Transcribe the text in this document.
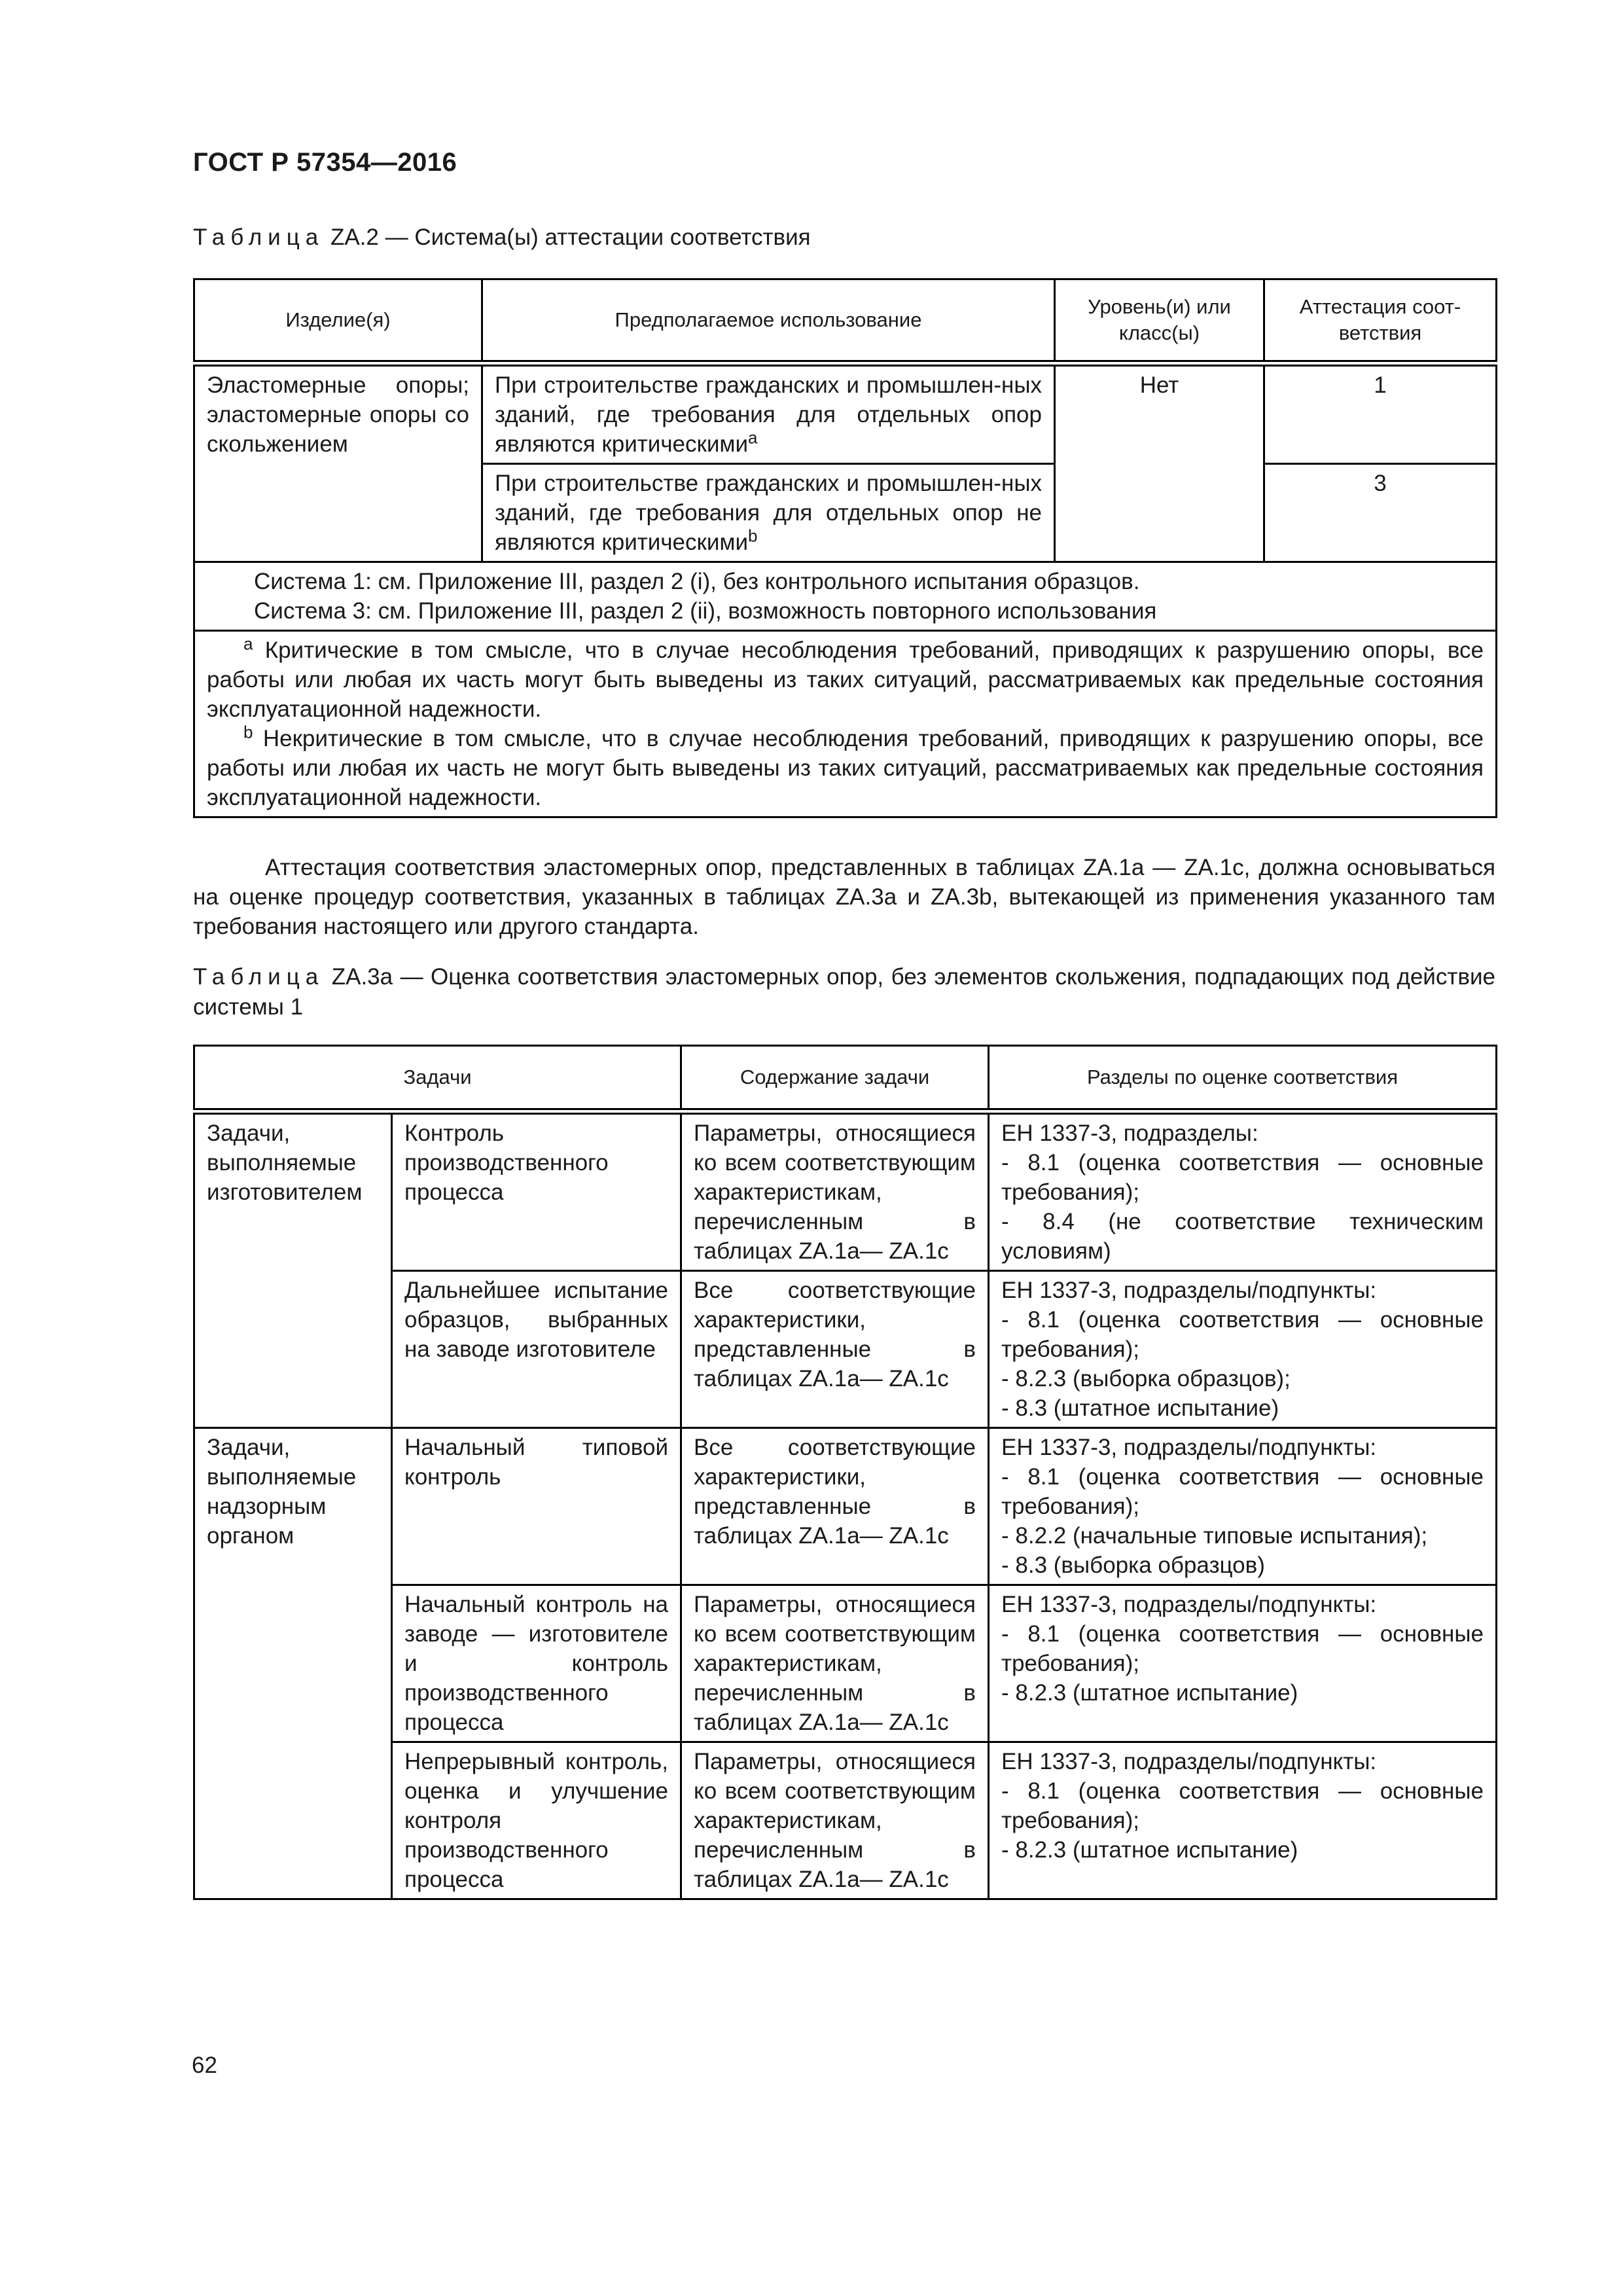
ГОСТ Р 57354—2016
Таблица ZA.2 — Система(ы) аттестации соответствия
Изделие(я)	Предполагаемое использование	Уровень(и) или класс(ы)	Аттестация соот-ветствия
Эластомерные опоры; эластомерные опоры со скольжением	При строительстве гражданских и промышлен-ных зданий, где требования для отдельных опор являются критическими$^a$	Нет	1
	При строительстве гражданских и промышлен-ных зданий, где требования для отдельных опор не являются критическими$^b$		3

Система 1: см. Приложение III, раздел 2 (i), без контрольного испытания образцов.

Система 3: см. Приложение III, раздел 2 (ii), возможность повторного использования			

$^a$ Критические в том смысле, что в случае несоблюдения требований, приводящих к разрушению опоры, все работы или любая их часть могут быть выведены из таких ситуаций, рассматриваемых как предельные состояния эксплуатационной надежности.

$^b$ Некритические в том смысле, что в случае несоблюдения требований, приводящих к разрушению опоры, все работы или любая их часть не могут быть выведены из таких ситуаций, рассматриваемых как предельные состояния эксплуатационной надежности.			

Аттестация соответствия эластомерных опор, представленных в таблицах ZA.1a — ZA.1c, должна основываться на оценке процедур соответствия, указанных в таблицах ZA.3a и ZA.3b, вытекающей из применения указанного там требования настоящего или другого стандарта.
Таблица ZA.3a — Оценка соответствия эластомерных опор, без элементов скольжения, подпадающих под действие системы 1
Задачи		Содержание задачи	Разделы по оценке соответствия
Задачи, выполняемые изготовителем	Контроль производственного процесса	Параметры, относящиеся ко всем соответствующим характеристикам, перечисленным в таблицах ZA.1a— ZA.1c	ЕН 1337-3, подразделы:
- 8.1 (оценка соответствия — основные требования);
- 8.4 (не соответствие техническим условиям)

	Дальнейшее испытание образцов, выбранных на заводе изготовителе	Все соответствующие характеристики, представленные в таблицах ZA.1a— ZA.1c	ЕН 1337-3, подразделы/подпункты:
- 8.1 (оценка соответствия — основные требования);
- 8.2.3 (выборка образцов);
- 8.3 (штатное испытание)

Задачи, выполняемые надзорным органом	Начальный типовой контроль	Все соответствующие характеристики, представленные в таблицах ZA.1a— ZA.1c	ЕН 1337-3, подразделы/подпункты:
- 8.1 (оценка соответствия — основные требования);
- 8.2.2 (начальные типовые испытания);
- 8.3 (выборка образцов)

	Начальный контроль на заводе — изготовителе и контроль производственного процесса	Параметры, относящиеся ко всем соответствующим характеристикам, перечисленным в таблицах ZA.1a— ZA.1c	ЕН 1337-3, подразделы/подпункты:
- 8.1 (оценка соответствия — основные требования);
- 8.2.3 (штатное испытание)

	Непрерывный контроль, оценка и улучшение контроля производственного процесса	Параметры, относящиеся ко всем соответствующим характеристикам, перечисленным в таблицах ZA.1a— ZA.1c	ЕН 1337-3, подразделы/подпункты:
- 8.1 (оценка соответствия — основные требования);
- 8.2.3 (штатное испытание)
62
